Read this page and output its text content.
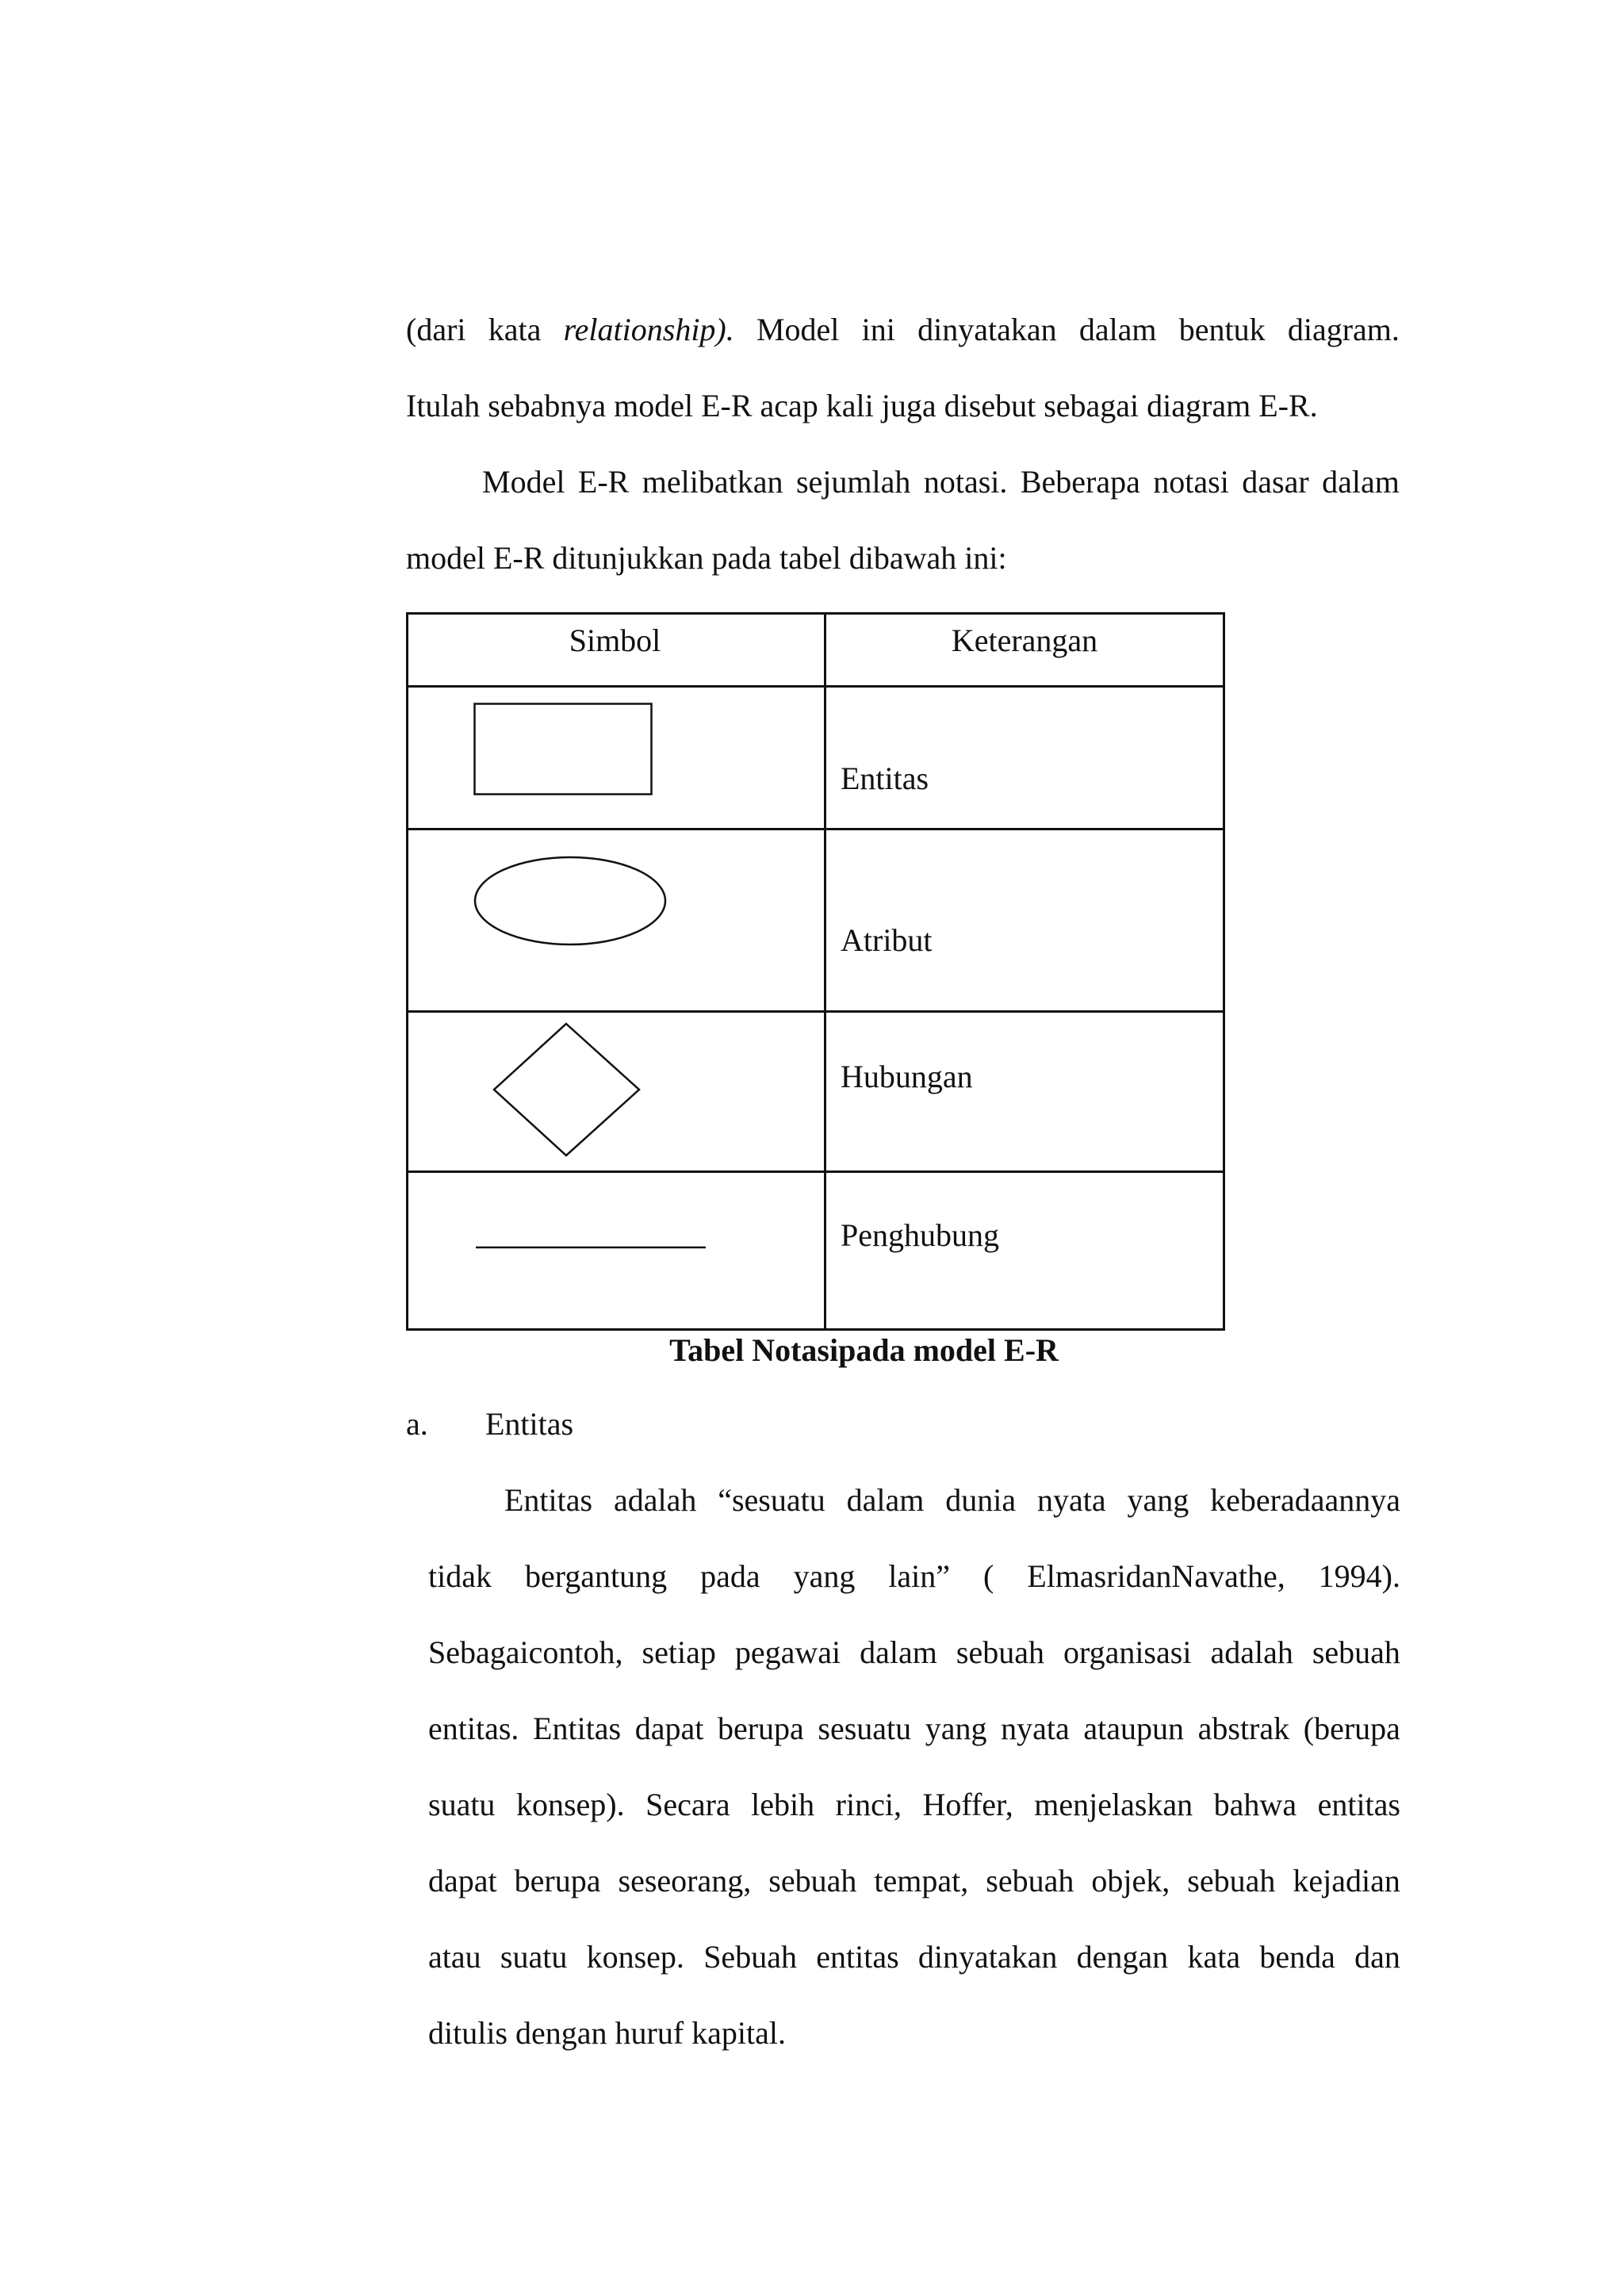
(dari kata relationship). Model ini dinyatakan dalam bentuk diagram.
Itulah sebabnya model E-R acap kali juga disebut sebagai diagram E-R.
Model E-R melibatkan sejumlah notasi. Beberapa notasi dasar dalam
model E-R ditunjukkan pada tabel dibawah ini:
Simbol	Keterangan
Entitas
Atribut
Hubungan
Penghubung
Tabel Notasipada model E-R
a. Entitas
Entitas adalah “sesuatu dalam dunia nyata yang keberadaannya
tidak bergantung pada yang lain” ( ElmasridanNavathe, 1994).
Sebagaicontoh, setiap pegawai dalam sebuah organisasi adalah sebuah
entitas. Entitas dapat berupa sesuatu yang nyata ataupun abstrak (berupa
suatu konsep). Secara lebih rinci, Hoffer, menjelaskan bahwa entitas
dapat berupa seseorang, sebuah tempat, sebuah objek, sebuah kejadian
atau suatu konsep. Sebuah entitas dinyatakan dengan kata benda dan
ditulis dengan huruf kapital.
